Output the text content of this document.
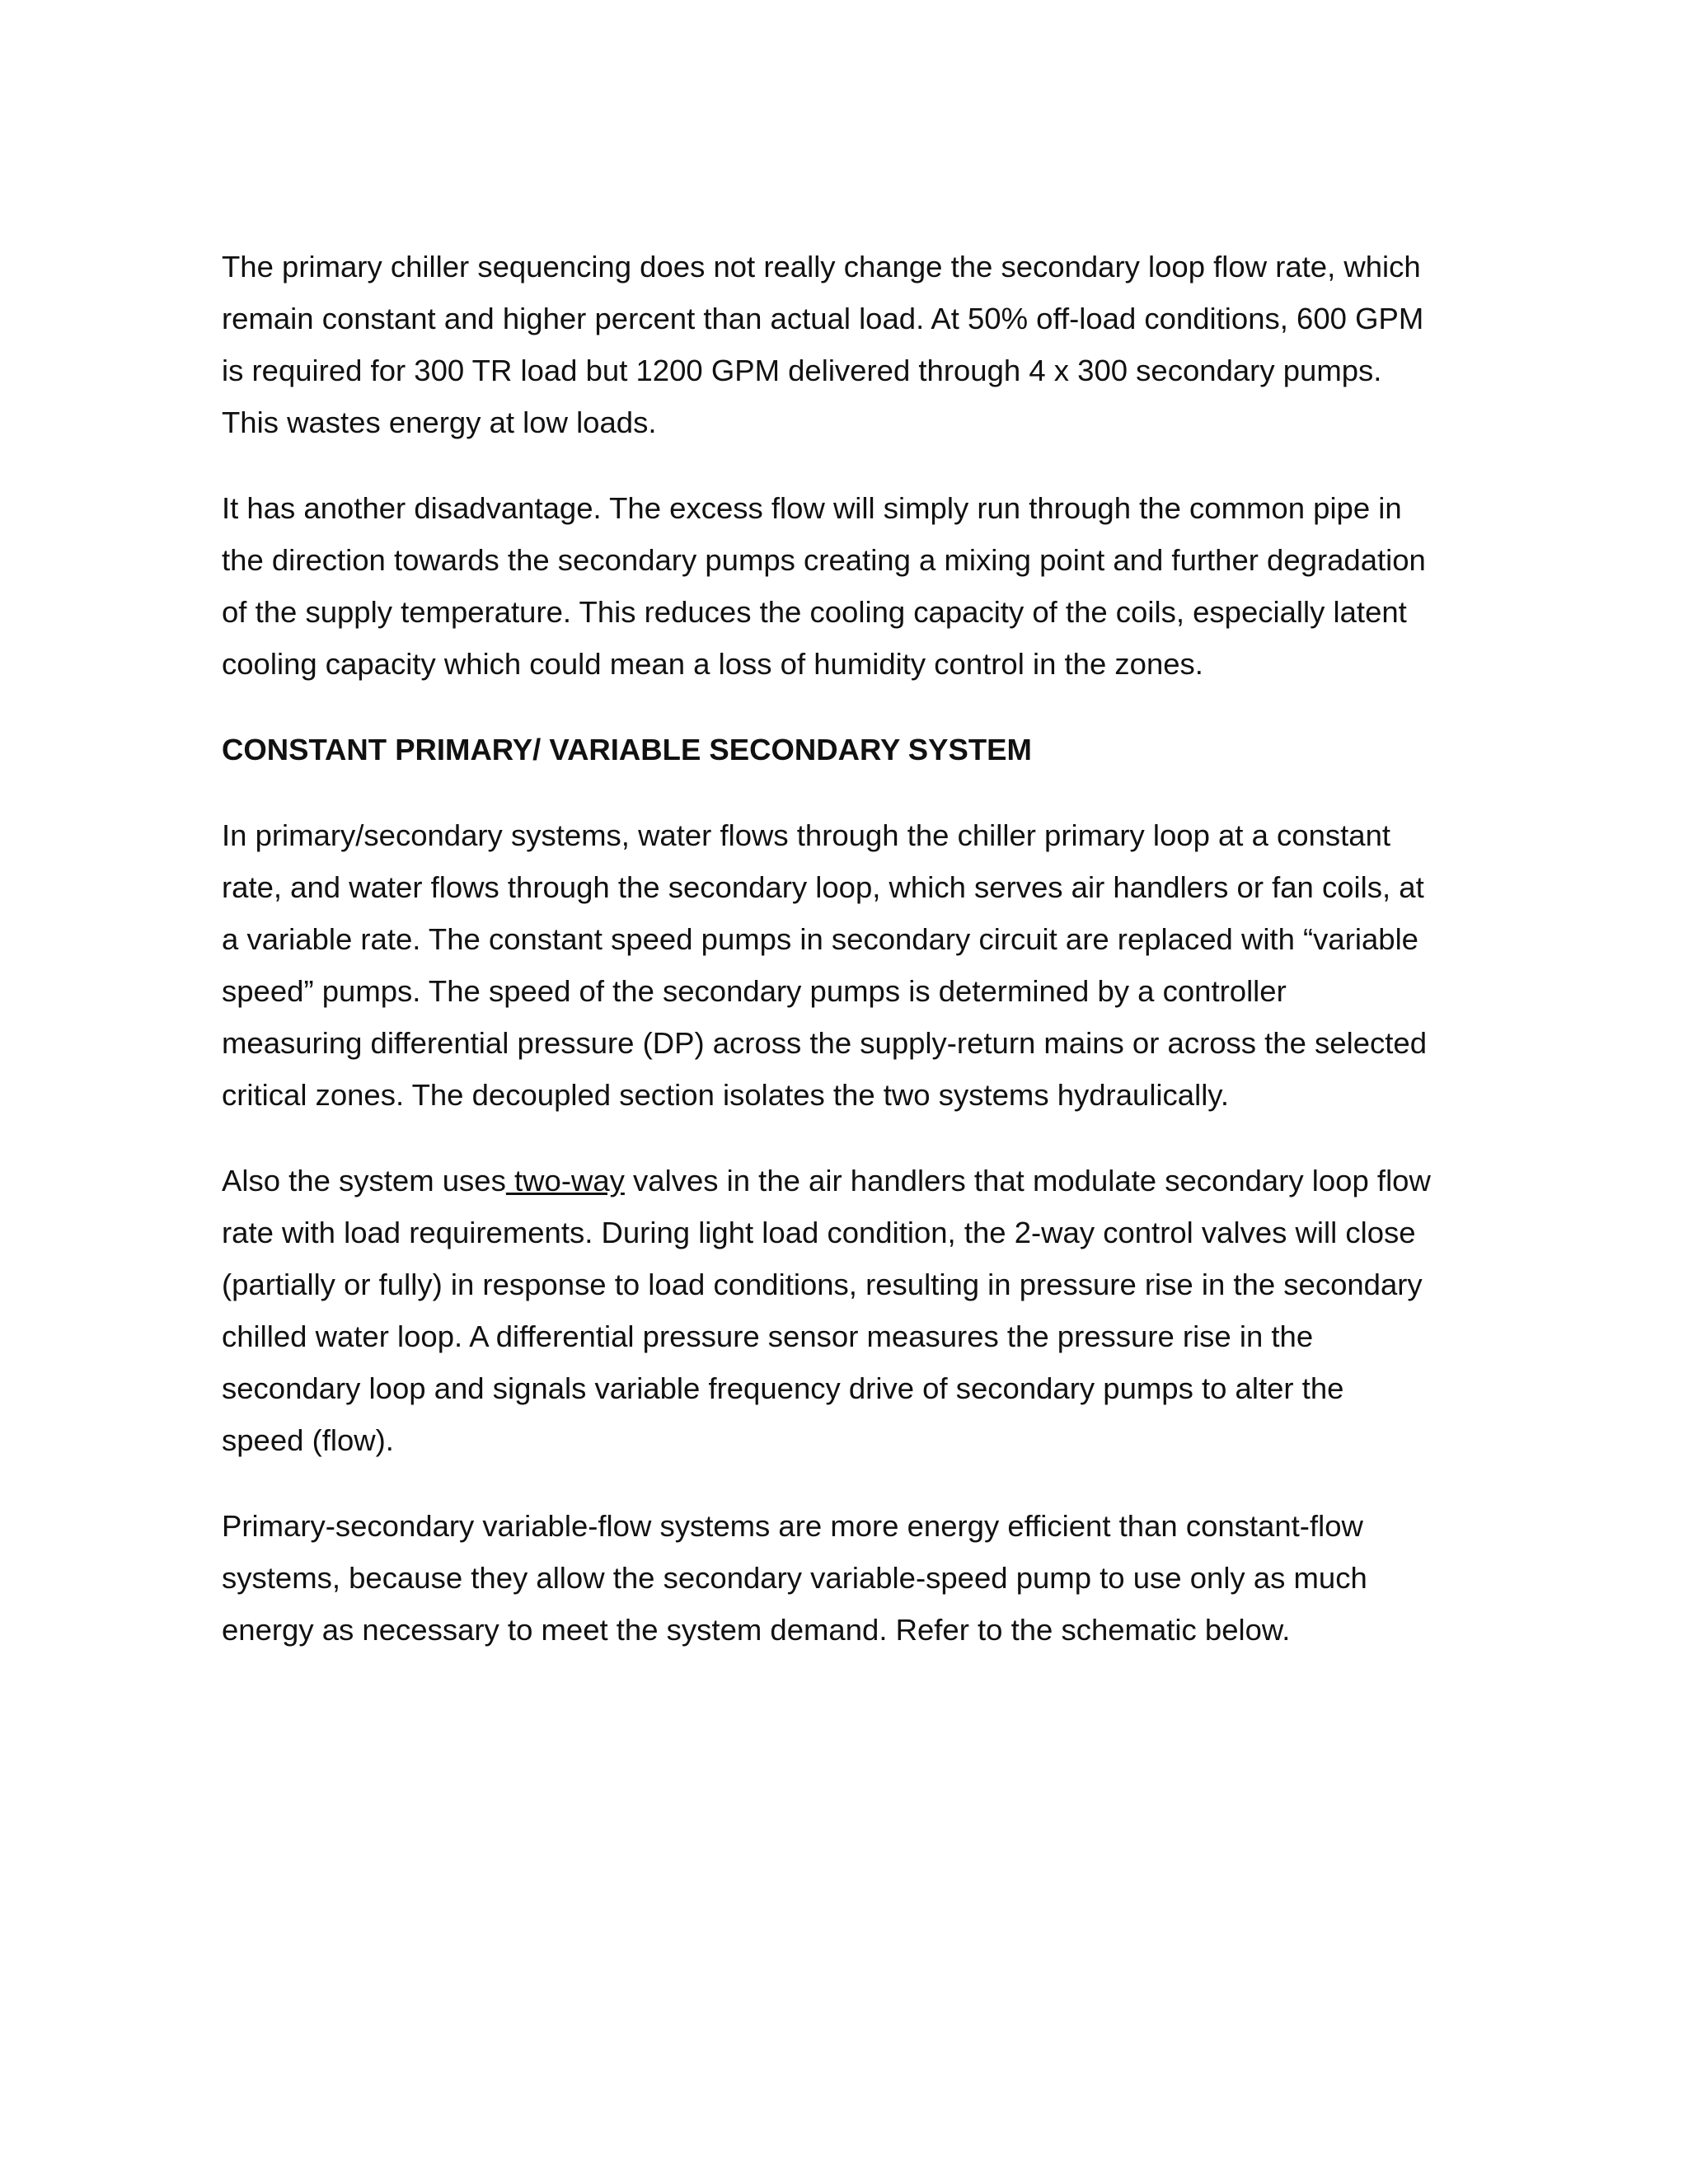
The primary chiller sequencing does not really change the secondary loop flow rate, which remain constant and higher percent than actual load. At 50% off-load conditions, 600 GPM is required for 300 TR load but 1200 GPM delivered through 4 x 300 secondary pumps. This wastes energy at low loads.

It has another disadvantage. The excess flow will simply run through the common pipe in the direction towards the secondary pumps creating a mixing point and further degradation of the supply temperature. This reduces the cooling capacity of the coils, especially latent cooling capacity which could mean a loss of humidity control in the zones.

CONSTANT PRIMARY/ VARIABLE SECONDARY SYSTEM

In primary/secondary systems, water flows through the chiller primary loop at a constant rate, and water flows through the secondary loop, which serves air handlers or fan coils, at a variable rate. The constant speed pumps in secondary circuit are replaced with “variable speed” pumps. The speed of the secondary pumps is determined by a controller measuring differential pressure (DP) across the supply-return mains or across the selected critical zones. The decoupled section isolates the two systems hydraulically.

Also the system uses two-way valves in the air handlers that modulate secondary loop flow rate with load requirements. During light load condition, the 2-way control valves will close (partially or fully) in response to load conditions, resulting in pressure rise in the secondary chilled water loop. A differential pressure sensor measures the pressure rise in the secondary loop and signals variable frequency drive of secondary pumps to alter the speed (flow).

Primary-secondary variable-flow systems are more energy efficient than constant-flow systems, because they allow the secondary variable-speed pump to use only as much energy as necessary to meet the system demand. Refer to the schematic below.
